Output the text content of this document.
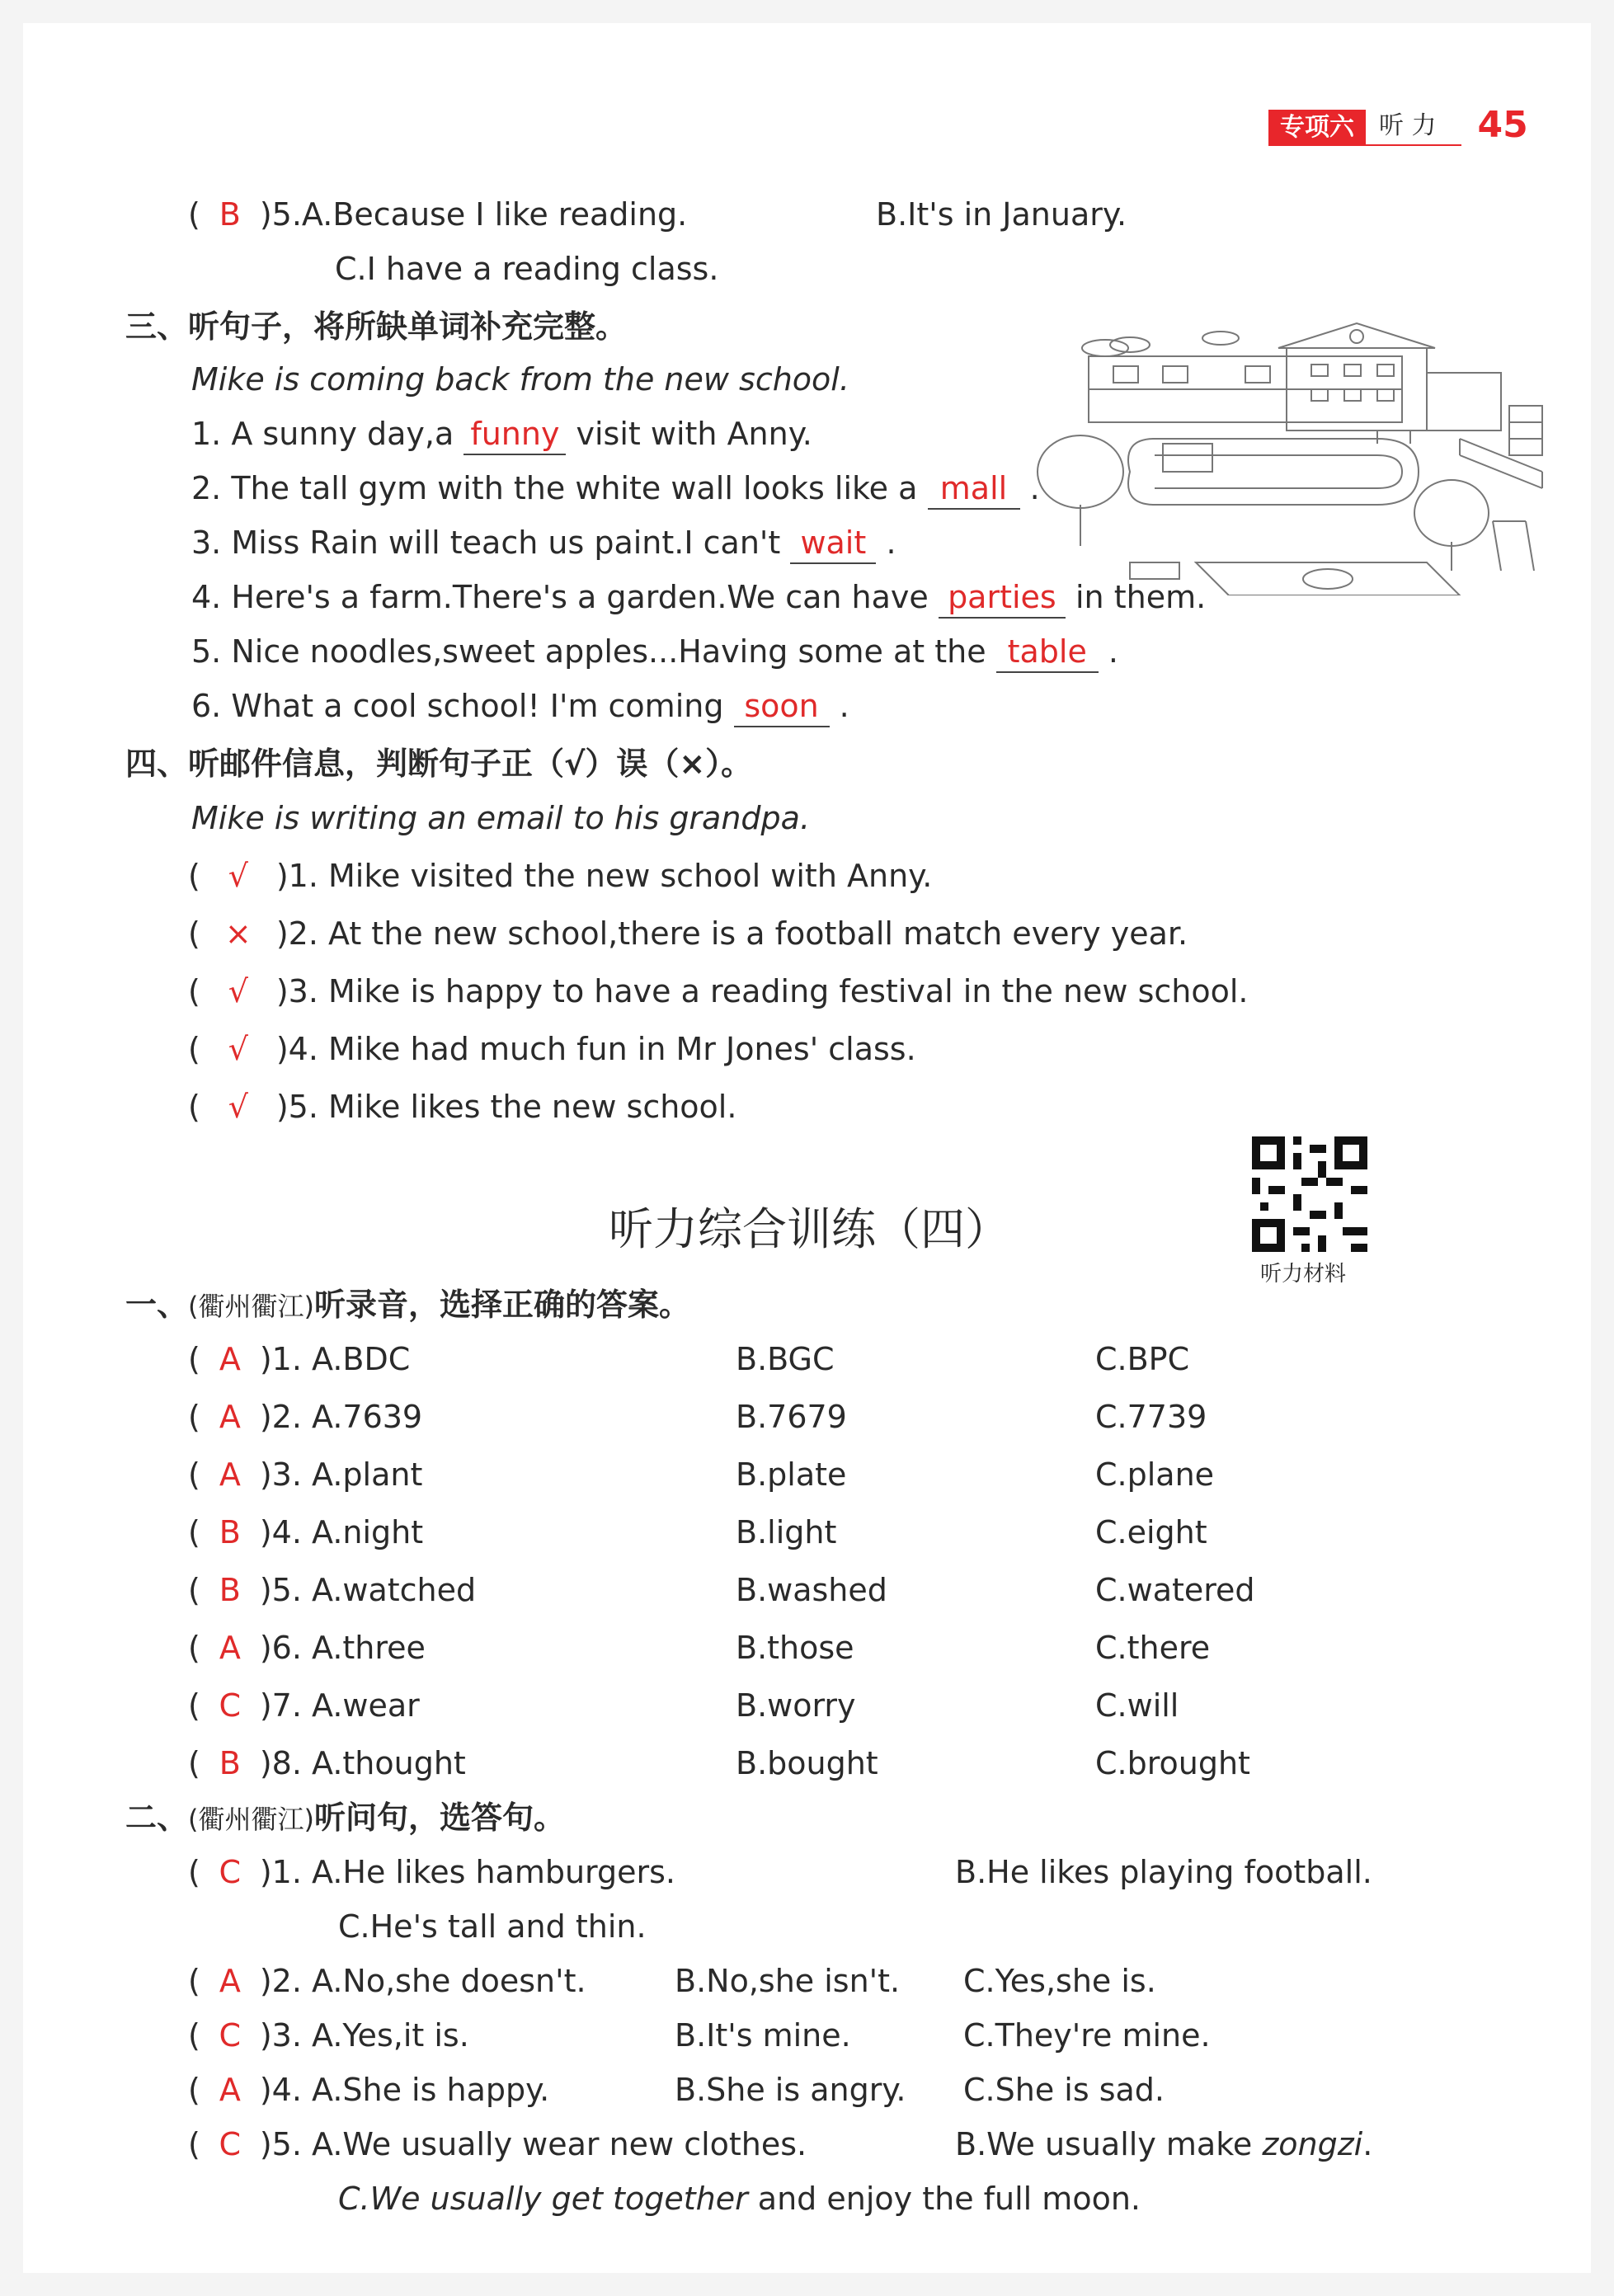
专项六	听 力	45
( B )5.A.Because I like reading.	B.It's in January.
C.I have a reading class.
三、听句子，将所缺单词补充完整。
Mike is coming back from the new school.
1. A sunny day,a funny visit with Anny.
2. The tall gym with the white wall looks like a mall .
3. Miss Rain will teach us paint.I can't wait .
4. Here's a farm.There's a garden.We can have parties in them.
5. Nice noodles,sweet apples...Having some at the table .
6. What a cool school! I'm coming soon .
四、听邮件信息，判断句子正（√）误（×）。
Mike is writing an email to his grandpa.
( √ )1. Mike visited the new school with Anny.
( × )2. At the new school,there is a football match every year.
( √ )3. Mike is happy to have a reading festival in the new school.
( √ )4. Mike had much fun in Mr Jones' class.
( √ )5. Mike likes the new school.
听力综合训练（四）
听力材料
一、(衢州衢江)听录音，选择正确的答案。
( A )1. A.BDC	B.BGC	C.BPC
( A )2. A.7639	B.7679	C.7739
( A )3. A.plant	B.plate	C.plane
( B )4. A.night	B.light	C.eight
( B )5. A.watched	B.washed	C.watered
( A )6. A.three	B.those	C.there
( C )7. A.wear	B.worry	C.will
( B )8. A.thought	B.bought	C.brought
二、(衢州衢江)听问句，选答句。
( C )1. A.He likes hamburgers.	B.He likes playing football.
C.He's tall and thin.
( A )2. A.No,she doesn't.	B.No,she isn't. C.Yes,she is.
( C )3. A.Yes,it is.	B.It's mine.	C.They're mine.
( A )4. A.She is happy.	B.She is angry. C.She is sad.
( C )5. A.We usually wear new clothes.	B.We usually make zongzi.
C.We usually get together and enjoy the full moon.
